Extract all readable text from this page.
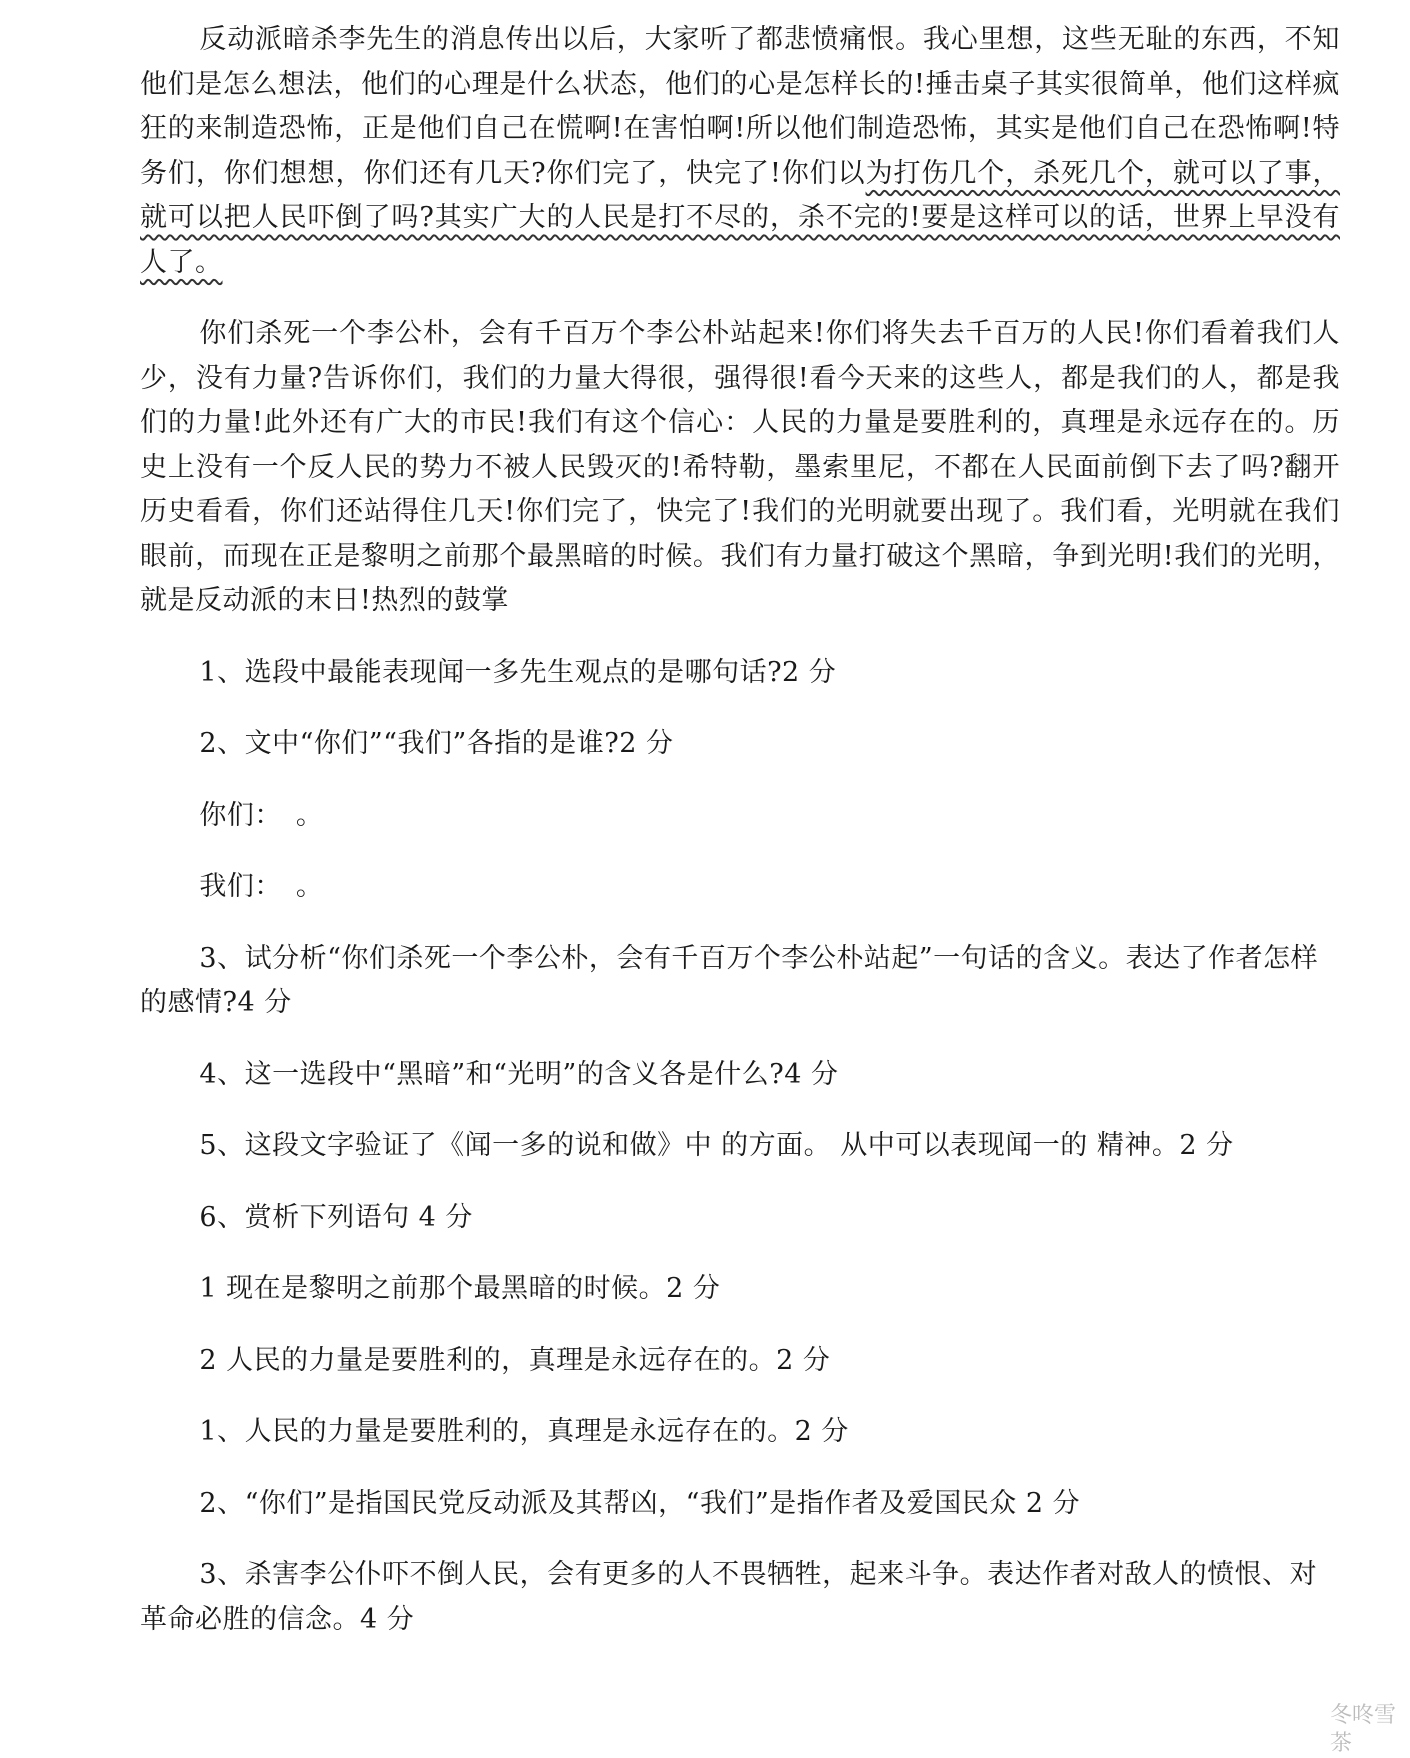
反动派暗杀李先生的消息传出以后，大家听了都悲愤痛恨。我心里想，这些无耻的东西，不知他们是怎么想法，他们的心理是什么状态，他们的心是怎样长的!捶击桌子其实很简单，他们这样疯狂的来制造恐怖，正是他们自己在慌啊!在害怕啊!所以他们制造恐怖，其实是他们自己在恐怖啊!特务们，你们想想，你们还有几天?你们完了，快完了!你们以为打伤几个，杀死几个，就可以了事，就可以把人民吓倒了吗?其实广大的人民是打不尽的，杀不完的!要是这样可以的话，世界上早没有人了。

你们杀死一个李公朴，会有千百万个李公朴站起来!你们将失去千百万的人民!你们看着我们人少，没有力量?告诉你们，我们的力量大得很，强得很!看今天来的这些人，都是我们的人，都是我们的力量!此外还有广大的市民!我们有这个信心：人民的力量是要胜利的，真理是永远存在的。历史上没有一个反人民的势力不被人民毁灭的!希特勒，墨索里尼，不都在人民面前倒下去了吗?翻开历史看看，你们还站得住几天!你们完了，快完了!我们的光明就要出现了。我们看，光明就在我们眼前，而现在正是黎明之前那个最黑暗的时候。我们有力量打破这个黑暗，争到光明!我们的光明，就是反动派的末日!热烈的鼓掌

1、选段中最能表现闻一多先生观点的是哪句话?2 分

2、文中“你们”“我们”各指的是谁?2 分

你们：　。

我们：　。

3、试分析“你们杀死一个李公朴，会有千百万个李公朴站起”一句话的含义。表达了作者怎样的感情?4 分

4、这一选段中“黑暗”和“光明”的含义各是什么?4 分

5、这段文字验证了《闻一多的说和做》中 的方面。 从中可以表现闻一的 精神。2 分

6、赏析下列语句 4 分

1 现在是黎明之前那个最黑暗的时候。2 分

2 人民的力量是要胜利的，真理是永远存在的。2 分

1、人民的力量是要胜利的，真理是永远存在的。2 分

2、“你们”是指国民党反动派及其帮凶，“我们”是指作者及爱国民众 2 分

3、杀害李公仆吓不倒人民，会有更多的人不畏牺牲，起来斗争。表达作者对敌人的愤恨、对革命必胜的信念。4 分

冬咚雪茶
